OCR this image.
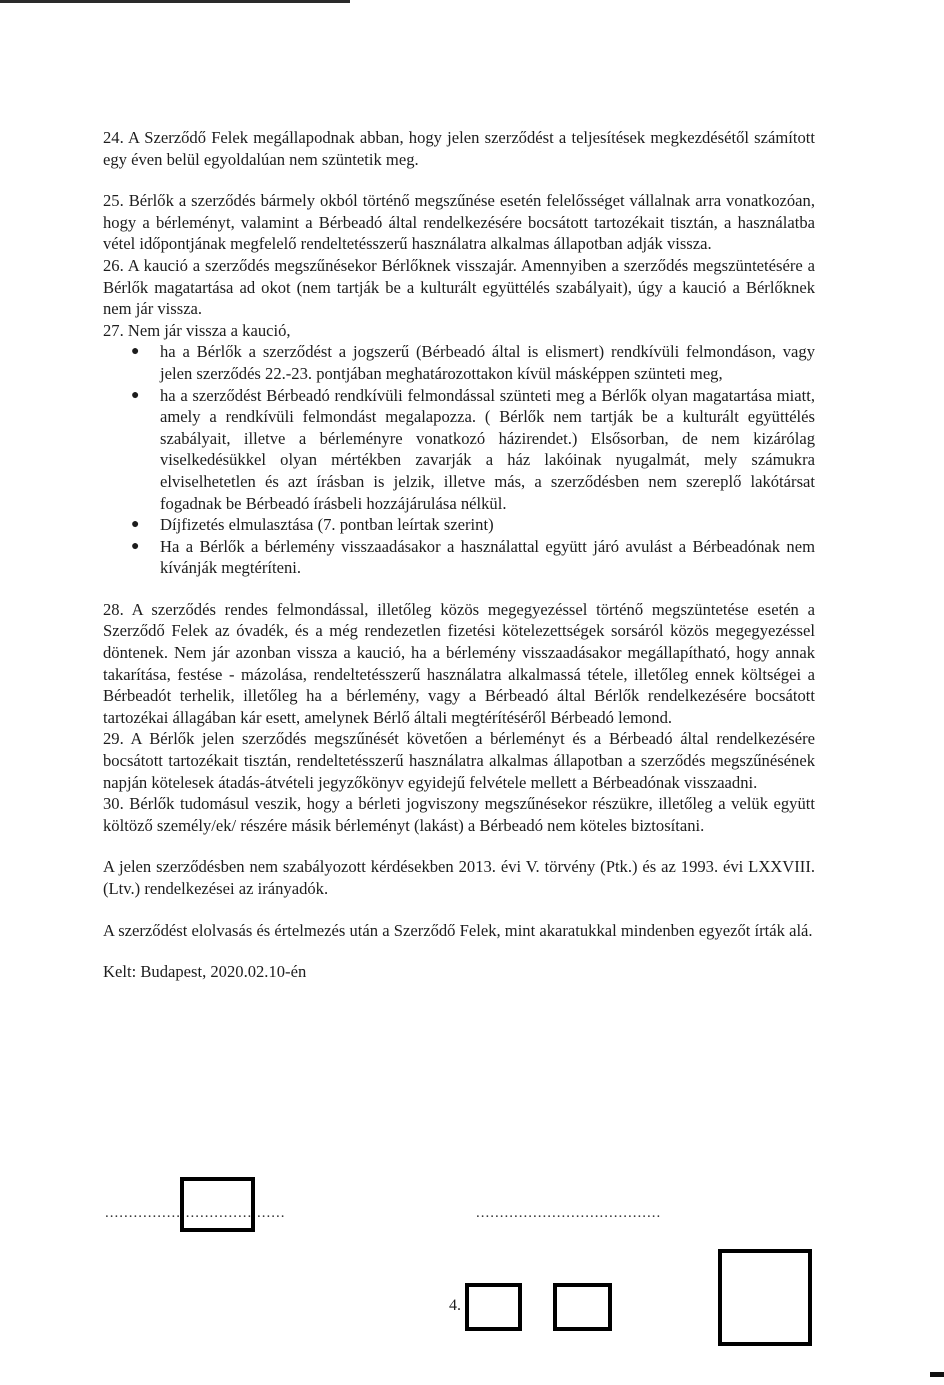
24. A Szerződő Felek megállapodnak abban, hogy jelen szerződést a teljesítések megkezdésétől számított egy éven belül egyoldalúan nem szüntetik meg.

25. Bérlők a szerződés bármely okból történő megszűnése esetén felelősséget vállalnak arra vonatkozóan, hogy a bérleményt, valamint a Bérbeadó által rendelkezésére bocsátott tartozékait tisztán, a használatba vétel időpontjának megfelelő rendeltetésszerű használatra alkalmas állapotban adják vissza.

26. A kaució a szerződés megszűnésekor Bérlőknek visszajár. Amennyiben a szerződés megszüntetésére a Bérlők magatartása ad okot (nem tartják be a kulturált együttélés szabályait), úgy a kaució a Bérlőknek nem jár vissza.

27. Nem jár vissza a kaució,

● ha a Bérlők a szerződést a jogszerű (Bérbeadó által is elismert) rendkívüli felmondáson, vagy jelen szerződés 22.-23. pontjában meghatározottakon kívül másképpen szünteti meg,
● ha a szerződést Bérbeadó rendkívüli felmondással szünteti meg a Bérlők olyan magatartása miatt, amely a rendkívüli felmondást megalapozza. ( Bérlők nem tartják be a kulturált együttélés szabályait, illetve a bérleményre vonatkozó házirendet.) Elsősorban, de nem kizárólag viselkedésükkel olyan mértékben zavarják a ház lakóinak nyugalmát, mely számukra elviselhetetlen és azt írásban is jelzik, illetve más, a szerződésben nem szereplő lakótársat fogadnak be Bérbeadó írásbeli hozzájárulása nélkül.
● Díjfizetés elmulasztása (7. pontban leírtak szerint)
● Ha a Bérlők a bérlemény visszaadásakor a használattal együtt járó avulást a Bérbeadónak nem kívánják megtéríteni.

28. A szerződés rendes felmondással, illetőleg közös megegyezéssel történő megszüntetése esetén a Szerződő Felek az óvadék, és a még rendezetlen fizetési kötelezettségek sorsáról közös megegyezéssel döntenek. Nem jár azonban vissza a kaució, ha a bérlemény visszaadásakor megállapítható, hogy annak takarítása, festése - mázolása, rendeltetésszerű használatra alkalmassá tétele, illetőleg ennek költségei a Bérbeadót terhelik, illetőleg ha a bérlemény, vagy a Bérbeadó által Bérlők rendelkezésére bocsátott tartozékai állagában kár esett, amelynek Bérlő általi megtérítéséről Bérbeadó lemond.

29. A Bérlők jelen szerződés megszűnését követően a bérleményt és a Bérbeadó által rendelkezésére bocsátott tartozékait tisztán, rendeltetésszerű használatra alkalmas állapotban a szerződés megszűnésének napján kötelesek átadás-átvételi jegyzőkönyv egyidejű felvétele mellett a Bérbeadónak visszaadni.

30. Bérlők tudomásul veszik, hogy a bérleti jogviszony megszűnésekor részükre, illetőleg a velük együtt költöző személy/ek/ részére másik bérleményt (lakást) a Bérbeadó nem köteles biztosítani.

A jelen szerződésben nem szabályozott kérdésekben 2013. évi V. törvény (Ptk.) és az 1993. évi LXXVIII. (Ltv.) rendelkezései az irányadók.

A szerződést elolvasás és értelmezés után a Szerződő Felek, mint akaratukkal mindenben egyezőt írták alá.

Kelt: Budapest, 2020.02.10-én

......................................	.......................................
4.
